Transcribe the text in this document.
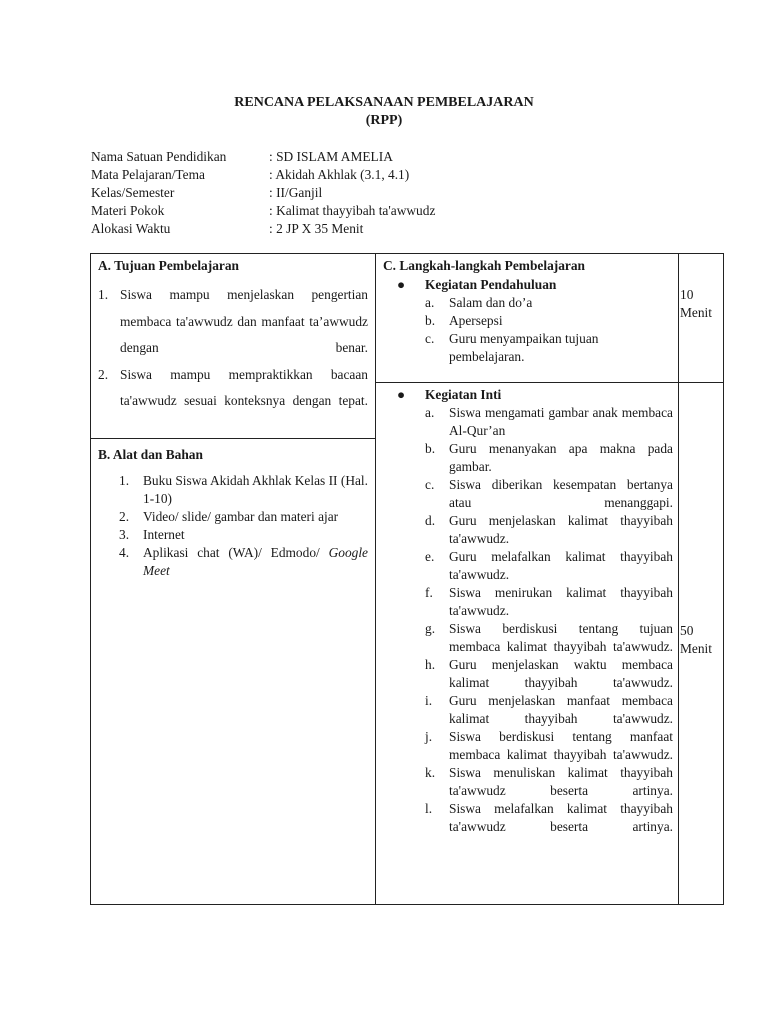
RENCANA PELAKSANAAN PEMBELAJARAN
(RPP)
Nama Satuan Pendidikan	: SD ISLAM AMELIA
Mata Pelajaran/Tema	: Akidah Akhlak (3.1, 4.1)
Kelas/Semester	: II/Ganjil
Materi Pokok	: Kalimat thayyibah ta'awwudz
Alokasi Waktu	: 2 JP X 35 Menit
A. Tujuan Pembelajaran
1. Siswa mampu menjelaskan pengertian membaca ta'awwudz dan manfaat ta’awwudz dengan benar.
2. Siswa mampu mempraktikkan bacaan ta'awwudz sesuai konteksnya dengan tepat.
B. Alat dan Bahan
1. Buku Siswa Akidah Akhlak Kelas II (Hal. 1-10)
2. Video/ slide/ gambar dan materi ajar
3. Internet
4. Aplikasi chat (WA)/ Edmodo/ Google Meet
C. Langkah-langkah Pembelajaran
● Kegiatan Pendahuluan
a. Salam dan do’a
b. Apersepsi
c. Guru menyampaikan tujuan pembelajaran.
10
Menit
● Kegiatan Inti
a. Siswa mengamati gambar anak membaca Al-Qur’an
b. Guru menanyakan apa makna pada gambar.
c. Siswa diberikan kesempatan bertanya atau menanggapi.
d. Guru menjelaskan kalimat thayyibah ta'awwudz.
e. Guru melafalkan kalimat thayyibah ta'awwudz.
f. Siswa menirukan kalimat thayyibah ta'awwudz.
g. Siswa berdiskusi tentang tujuan membaca kalimat thayyibah ta'awwudz.
h. Guru menjelaskan waktu membaca kalimat thayyibah ta'awwudz.
i. Guru menjelaskan manfaat membaca kalimat thayyibah ta'awwudz.
j. Siswa berdiskusi tentang manfaat membaca kalimat thayyibah ta'awwudz.
k. Siswa menuliskan kalimat thayyibah ta'awwudz beserta artinya.
l. Siswa melafalkan kalimat thayyibah ta'awwudz beserta artinya.
50
Menit
